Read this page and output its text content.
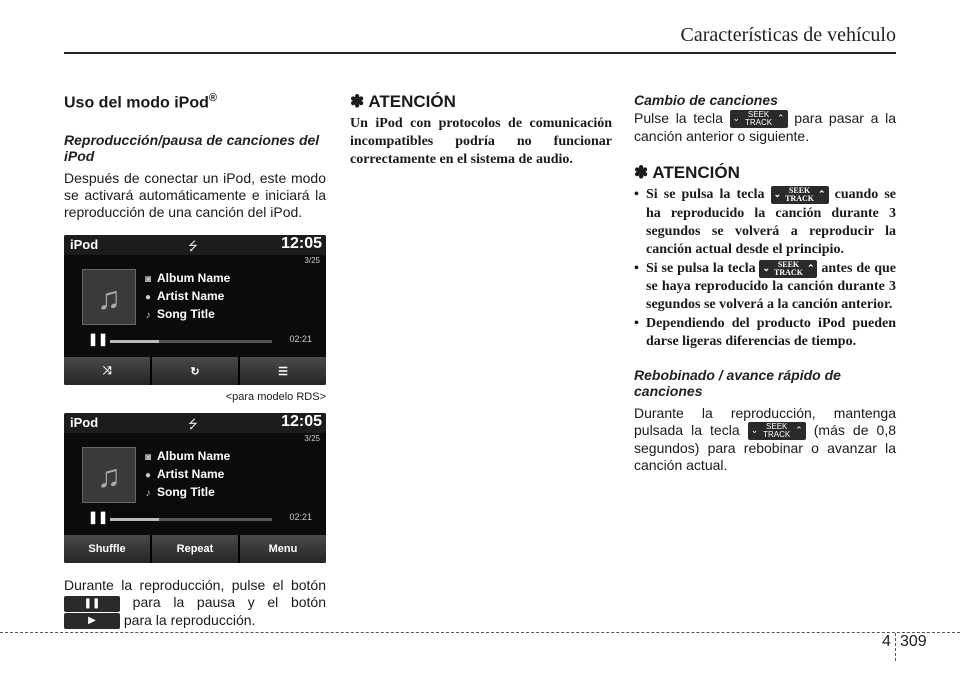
Características de vehículo
Uso del modo iPod®
Reproducción/pausa de canciones del iPod
Después de conectar un iPod, este modo se activará automáticamente e iniciará la reproducción de una canción del iPod.
iPod	⭍	12:05
3/25
♫
◙ Album Name
● Artist Name
♪ Song Title
❚❚	02:21
⤨	↻	☰
<para modelo RDS>
iPod	⭍	12:05
3/25
♫
◙ Album Name
● Artist Name
♪ Song Title
❚❚	02:21
Shuffle	Repeat	Menu
Durante la reproducción, pulse el botón ❚❚ para la pausa y el botón ▶ para la reproducción.
✽ ATENCIÓN
Un iPod con protocolos de comunicación incompatibles podría no funcionar correctamente en el sistema de audio.
Cambio de canciones
Pulse la tecla ⌄ SEEK
TRACK ⌃ para pasar a la canción anterior o siguiente.
✽ ATENCIÓN
• Si se pulsa la tecla ⌄ SEEK
TRACK ⌃ cuando se ha reproducido la canción durante 3 segundos se volverá a reproducir la canción actual desde el principio.
• Si se pulsa la tecla ⌄ SEEK
TRACK ⌃ antes de que se haya reproducido la canción durante 3 segundos se volverá a la canción anterior.
• Dependiendo del producto iPod pueden darse ligeras diferencias de tiempo.
Rebobinado / avance rápido de canciones
Durante la reproducción, mantenga pulsada la tecla ⌄ SEEK
TRACK ⌃ (más de 0,8 segundos) para rebobinar o avanzar la canción actual.
4 309
